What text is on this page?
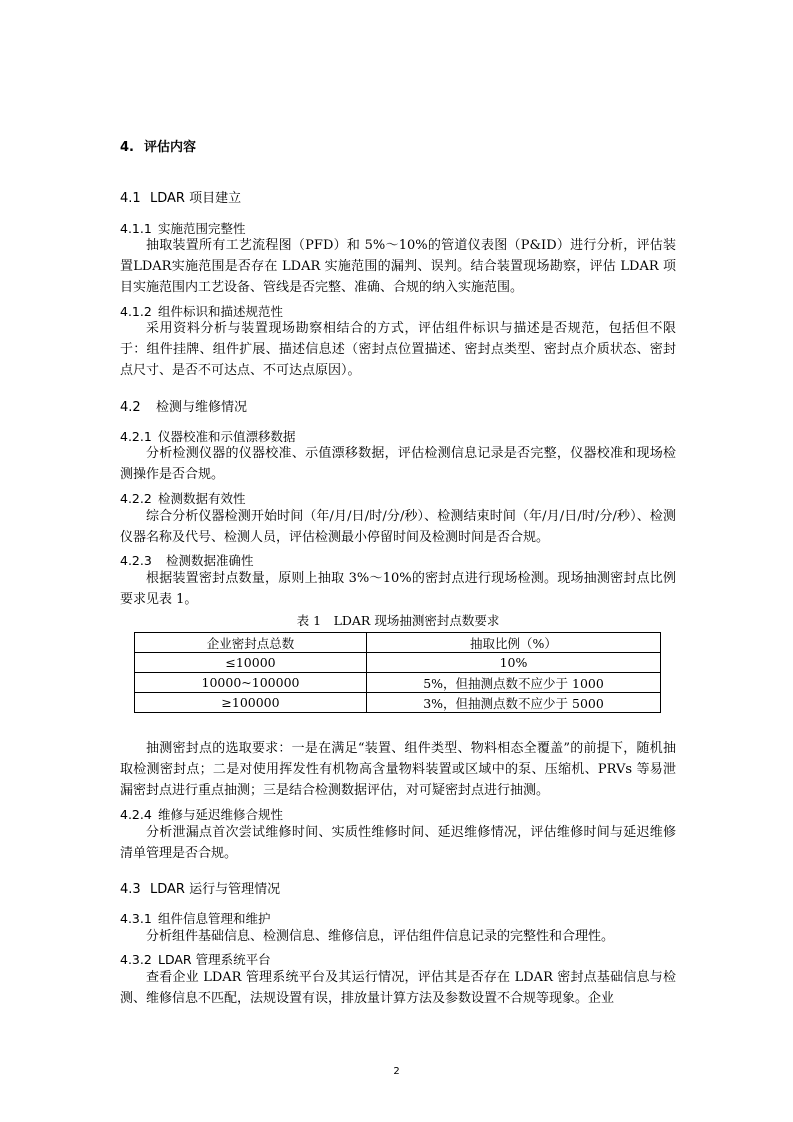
4. 评估内容
4.1 LDAR 项目建立
4.1.1 实施范围完整性
抽取装置所有工艺流程图（PFD）和 5%～10%的管道仪表图（P&ID）进行分析，评估装置LDAR实施范围是否存在 LDAR 实施范围的漏判、误判。结合装置现场勘察，评估 LDAR 项目实施范围内工艺设备、管线是否完整、准确、合规的纳入实施范围。
4.1.2 组件标识和描述规范性
采用资料分析与装置现场勘察相结合的方式，评估组件标识与描述是否规范，包括但不限于：组件挂牌、组件扩展、描述信息述（密封点位置描述、密封点类型、密封点介质状态、密封点尺寸、是否不可达点、不可达点原因）。
4.2 检测与维修情况
4.2.1 仪器校准和示值漂移数据
分析检测仪器的仪器校准、示值漂移数据，评估检测信息记录是否完整，仪器校准和现场检测操作是否合规。
4.2.2 检测数据有效性
综合分析仪器检测开始时间（年/月/日/时/分/秒）、检测结束时间（年/月/日/时/分/秒）、检测仪器名称及代号、检测人员，评估检测最小停留时间及检测时间是否合规。
4.2.3 检测数据准确性
根据装置密封点数量，原则上抽取 3%～10%的密封点进行现场检测。现场抽测密封点比例要求见表 1。
表 1　LDAR 现场抽测密封点数要求
企业密封点总数	抽取比例（%）
≤10000	10%
10000~100000	5%，但抽测点数不应少于 1000
≥100000	3%，但抽测点数不应少于 5000
抽测密封点的选取要求：一是在满足“装置、组件类型、物料相态全覆盖”的前提下，随机抽取检测密封点；二是对使用挥发性有机物高含量物料装置或区域中的泵、压缩机、PRVs 等易泄漏密封点进行重点抽测；三是结合检测数据评估，对可疑密封点进行抽测。
4.2.4 维修与延迟维修合规性
分析泄漏点首次尝试维修时间、实质性维修时间、延迟维修情况，评估维修时间与延迟维修清单管理是否合规。
4.3 LDAR 运行与管理情况
4.3.1 组件信息管理和维护
分析组件基础信息、检测信息、维修信息，评估组件信息记录的完整性和合理性。
4.3.2 LDAR 管理系统平台
查看企业 LDAR 管理系统平台及其运行情况，评估其是否存在 LDAR 密封点基础信息与检测、维修信息不匹配，法规设置有误，排放量计算方法及参数设置不合规等现象。企业
2
